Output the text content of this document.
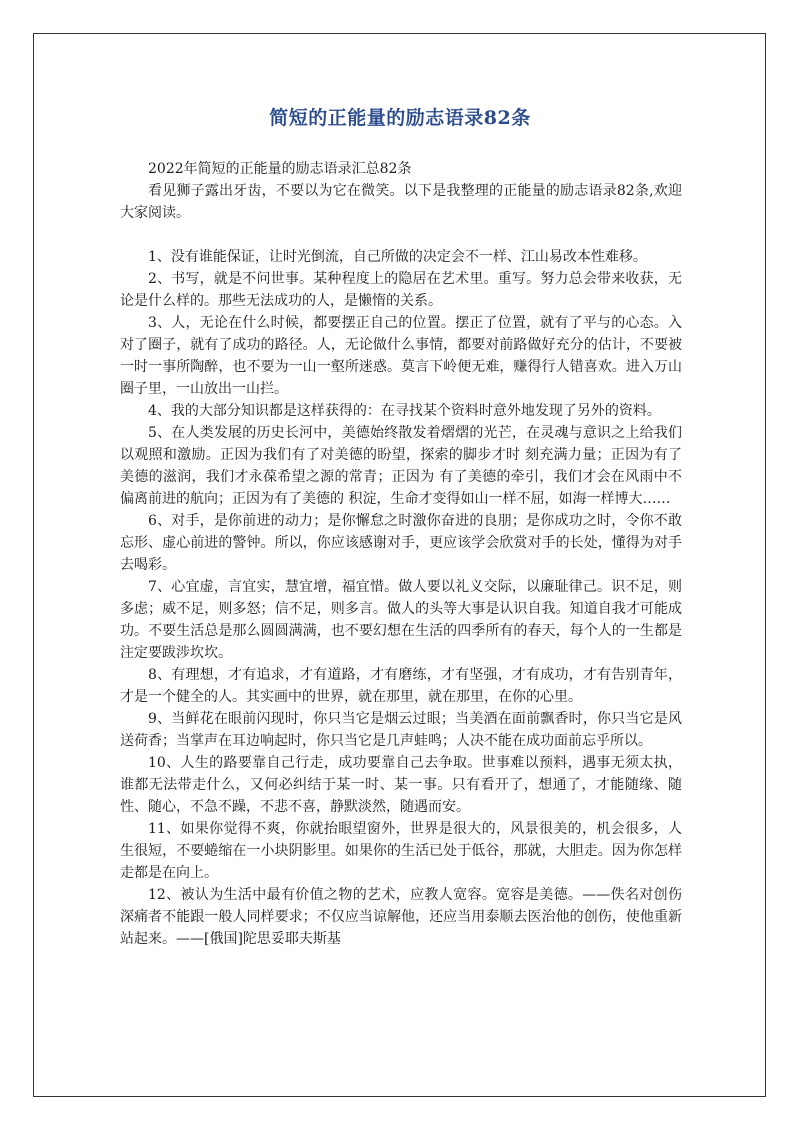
简短的正能量的励志语录82条

2022年简短的正能量的励志语录汇总82条

看见狮子露出牙齿，不要以为它在微笑。以下是我整理的正能量的励志语录82条,欢迎大家阅读。

1、没有谁能保证，让时光倒流，自己所做的决定会不一样、江山易改本性难移。

2、书写，就是不问世事。某种程度上的隐居在艺术里。重写。努力总会带来收获，无论是什么样的。那些无法成功的人，是懒惰的关系。

3、人，无论在什么时候，都要摆正自己的位置。摆正了位置，就有了平与的心态。入对了圈子，就有了成功的路径。人，无论做什么事情，都要对前路做好充分的估计，不要被一时一事所陶醉，也不要为一山一壑所迷惑。莫言下岭便无难，赚得行人错喜欢。进入万山圈子里，一山放出一山拦。

4、我的大部分知识都是这样获得的：在寻找某个资料时意外地发现了另外的资料。

5、在人类发展的历史长河中，美德始终散发着熠熠的光芒，在灵魂与意识之上给我们以观照和激励。正因为我们有了对美德的盼望，探索的脚步才时 刻充满力量；正因为有了美德的滋润，我们才永葆希望之源的常青；正因为 有了美德的牵引，我们才会在风雨中不偏离前进的航向；正因为有了美德的 积淀，生命才变得如山一样不屈，如海一样博大……

6、对手，是你前进的动力；是你懈怠之时激你奋进的良朋；是你成功之时，令你不敢忘形、虚心前进的警钟。所以，你应该感谢对手，更应该学会欣赏对手的长处，懂得为对手去喝彩。

7、心宜虚，言宜实，慧宜增，福宜惜。做人要以礼义交际，以廉耻律己。识不足，则多虑；威不足，则多怒；信不足，则多言。做人的头等大事是认识自我。知道自我才可能成功。不要生活总是那么圆圆满满，也不要幻想在生活的四季所有的春天，每个人的一生都是注定要跋涉坎坎。

8、有理想，才有追求，才有道路，才有磨练，才有坚强，才有成功，才有告别青年，才是一个健全的人。其实画中的世界，就在那里，就在那里，在你的心里。

9、当鲜花在眼前闪现时，你只当它是烟云过眼；当美酒在面前飘香时，你只当它是风送荷香；当掌声在耳边响起时，你只当它是几声蛙鸣；人决不能在成功面前忘乎所以。

10、人生的路要靠自己行走，成功要靠自己去争取。世事难以预料，遇事无须太执，谁都无法带走什么，又何必纠结于某一时、某一事。只有看开了，想通了，才能随缘、随性、随心，不急不躁，不悲不喜，静默淡然，随遇而安。

11、如果你觉得不爽，你就抬眼望窗外，世界是很大的，风景很美的，机会很多，人生很短，不要蜷缩在一小块阴影里。如果你的生活已处于低谷，那就，大胆走。因为你怎样走都是在向上。

12、被认为生活中最有价值之物的艺术，应教人宽容。宽容是美德。——佚名对创伤深痛者不能跟一般人同样要求；不仅应当谅解他，还应当用泰顺去医治他的创伤，使他重新站起来。——[俄国]陀思妥耶夫斯基
